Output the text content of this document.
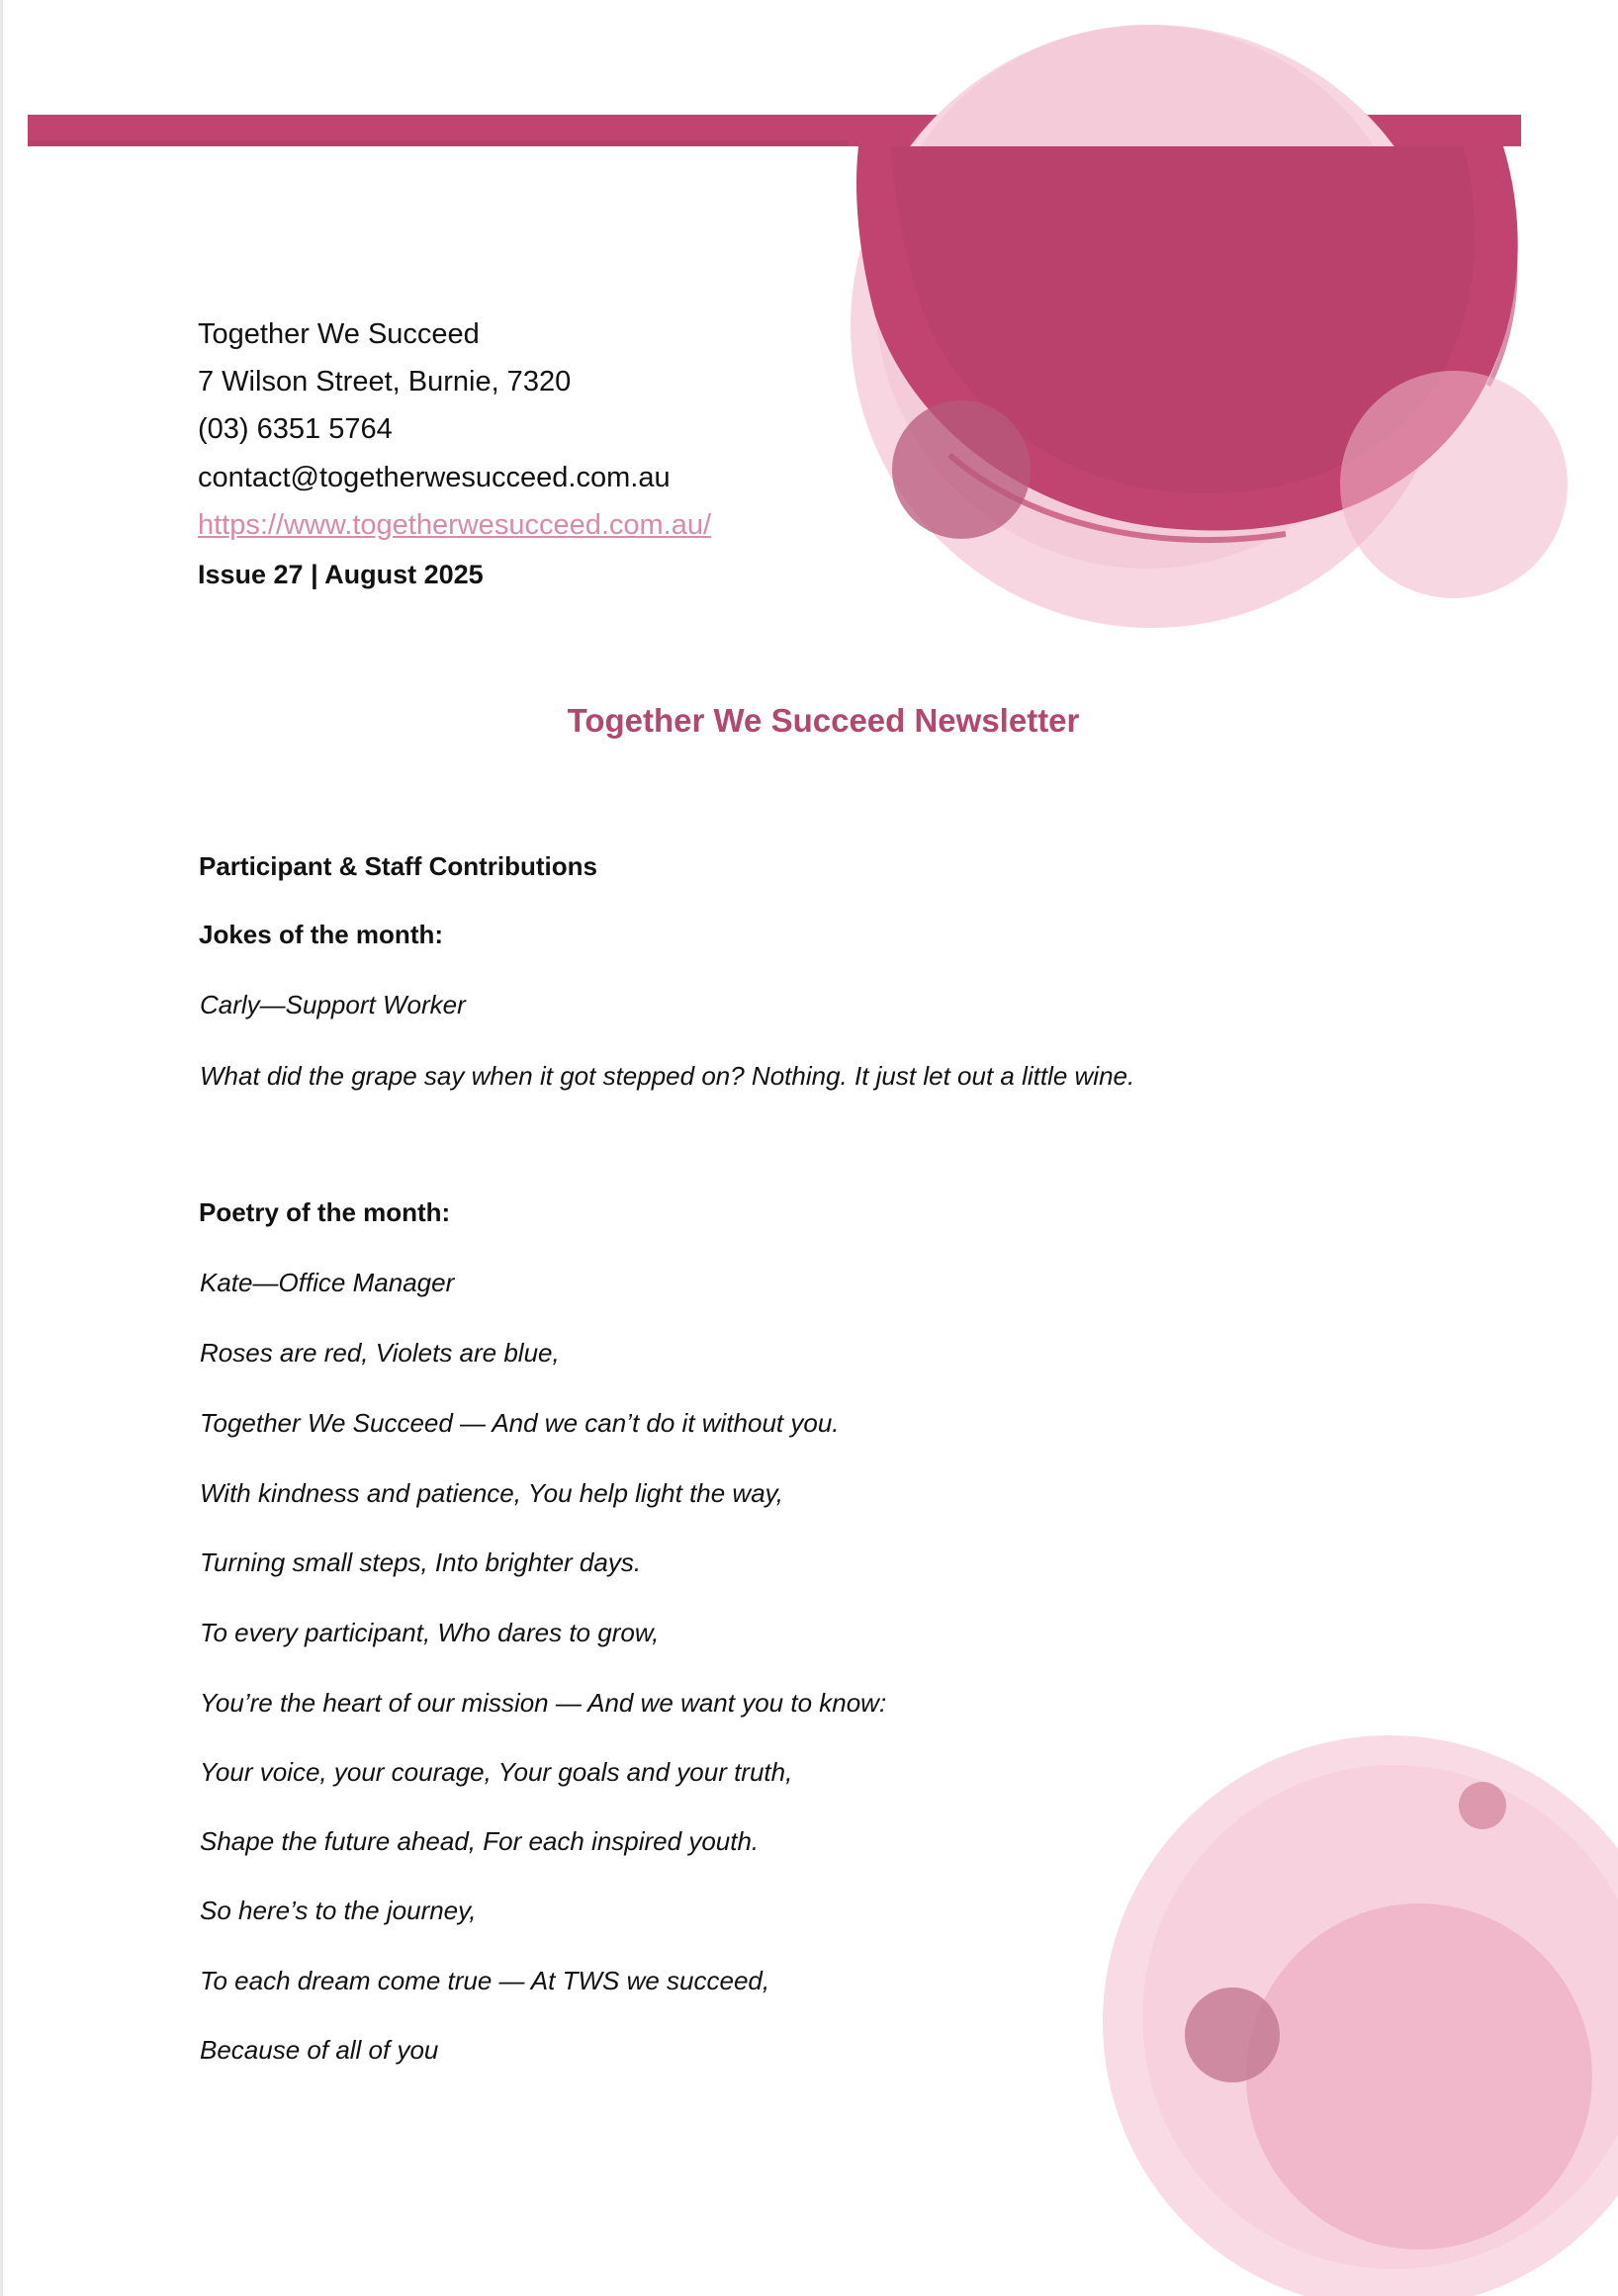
Together We Succeed
7 Wilson Street, Burnie, 7320
(03) 6351 5764
contact@togetherwesucceed.com.au
https://www.togetherwesucceed.com.au/
Issue 27 | August 2025
Together We Succeed Newsletter
Participant & Staff Contributions
Jokes of the month:
Carly—Support Worker
What did the grape say when it got stepped on? Nothing. It just let out a little wine.
Poetry of the month:
Kate—Office Manager
Roses are red, Violets are blue,
Together We Succeed — And we can’t do it without you.
With kindness and patience, You help light the way,
Turning small steps, Into brighter days.
To every participant, Who dares to grow,
You’re the heart of our mission — And we want you to know:
Your voice, your courage, Your goals and your truth,
Shape the future ahead, For each inspired youth.
So here’s to the journey,
To each dream come true — At TWS we succeed,
Because of all of you
